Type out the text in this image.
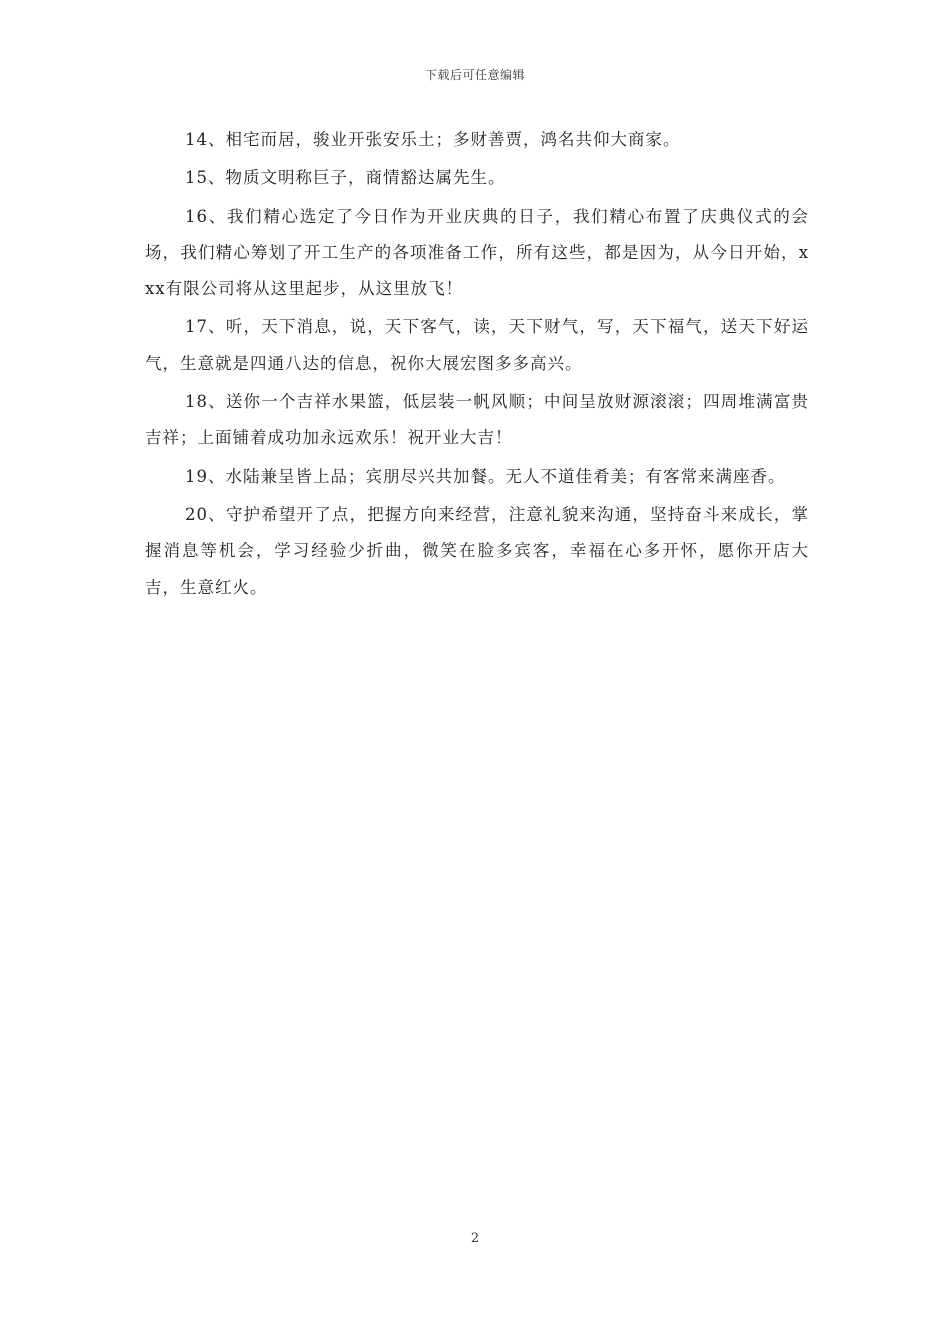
下载后可任意编辑

14、相宅而居，骏业开张安乐土；多财善贾，鸿名共仰大商家。

15、物质文明称巨子，商情豁达属先生。

16、我们精心选定了今日作为开业庆典的日子，我们精心布置了庆典仪式的会场，我们精心筹划了开工生产的各项准备工作，所有这些，都是因为，从今日开始，xxx有限公司将从这里起步，从这里放飞！

17、听，天下消息，说，天下客气，读，天下财气，写，天下福气，送天下好运气，生意就是四通八达的信息，祝你大展宏图多多高兴。

18、送你一个吉祥水果篮，低层装一帆风顺；中间呈放财源滚滚；四周堆满富贵吉祥；上面铺着成功加永远欢乐！祝开业大吉！

19、水陆兼呈皆上品；宾朋尽兴共加餐。无人不道佳肴美；有客常来满座香。

20、守护希望开了点，把握方向来经营，注意礼貌来沟通，坚持奋斗来成长，掌握消息等机会，学习经验少折曲，微笑在脸多宾客，幸福在心多开怀，愿你开店大吉，生意红火。

2
